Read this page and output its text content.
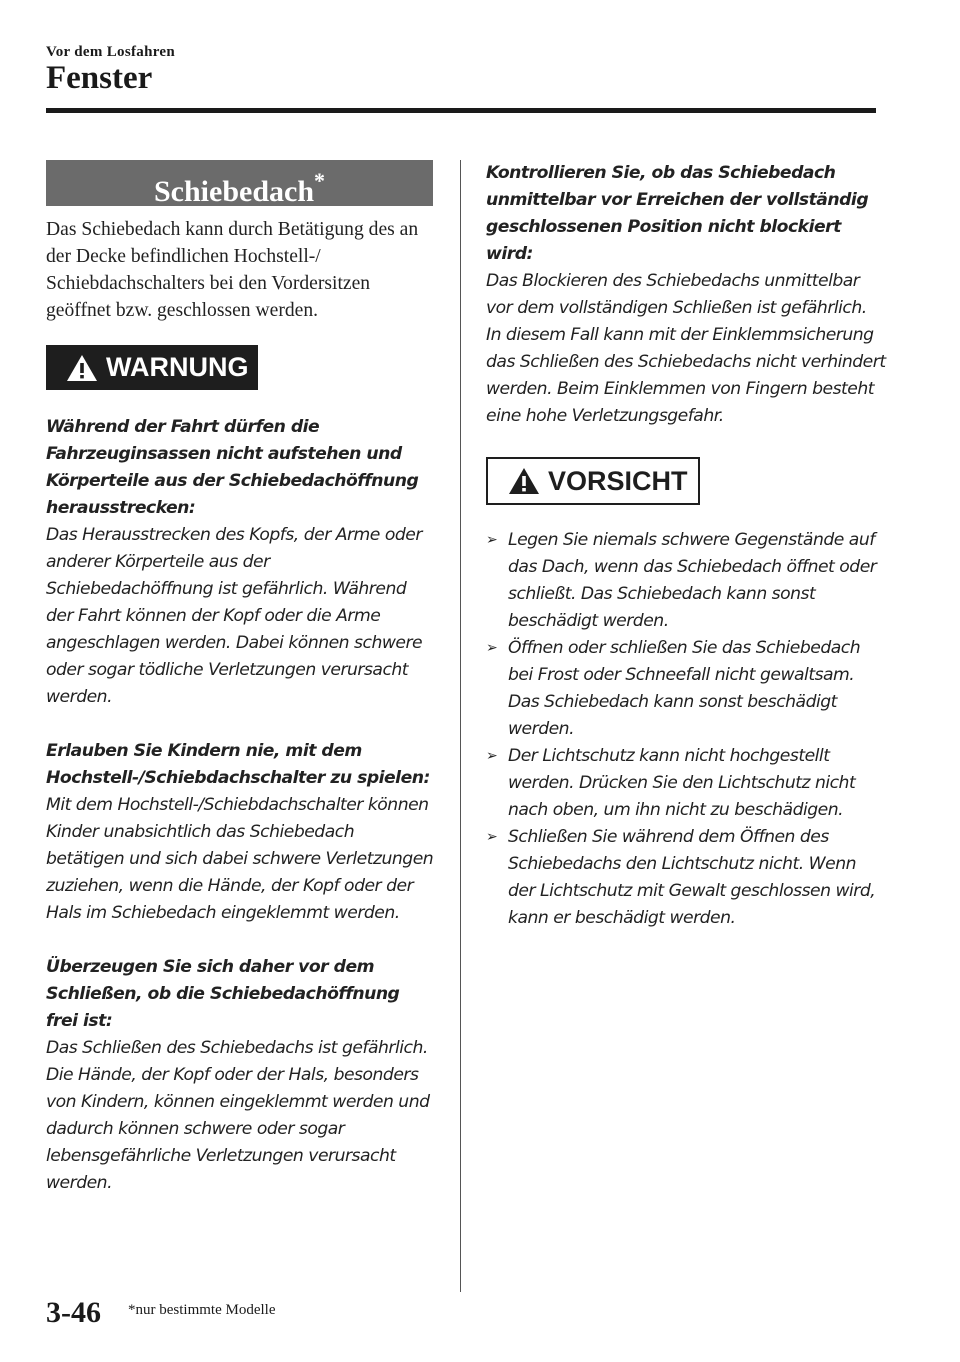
Vor dem Losfahren
Fenster
Schiebedach*
Das Schiebedach kann durch Betätigung des an der Decke befindlichen Hochstell-/ Schiebdachschalters bei den Vordersitzen geöffnet bzw. geschlossen werden.
WARNUNG
Während der Fahrt dürfen die Fahrzeuginsassen nicht aufstehen und Körperteile aus der Schiebedachöffnung herausstrecken:
Das Herausstrecken des Kopfs, der Arme oder anderer Körperteile aus der Schiebedachöffnung ist gefährlich. Während der Fahrt können der Kopf oder die Arme angeschlagen werden. Dabei können schwere oder sogar tödliche Verletzungen verursacht werden.
Erlauben Sie Kindern nie, mit dem Hochstell-/Schiebdachschalter zu spielen:
Mit dem Hochstell-/Schiebdachschalter können Kinder unabsichtlich das Schiebedach betätigen und sich dabei schwere Verletzungen zuziehen, wenn die Hände, der Kopf oder der Hals im Schiebedach eingeklemmt werden.
Überzeugen Sie sich daher vor dem Schließen, ob die Schiebedachöffnung frei ist:
Das Schließen des Schiebedachs ist gefährlich. Die Hände, der Kopf oder der Hals, besonders von Kindern, können eingeklemmt werden und dadurch können schwere oder sogar lebensgefährliche Verletzungen verursacht werden.
Kontrollieren Sie, ob das Schiebedach unmittelbar vor Erreichen der vollständig geschlossenen Position nicht blockiert wird:
Das Blockieren des Schiebedachs unmittelbar vor dem vollständigen Schließen ist gefährlich. In diesem Fall kann mit der Einklemmsicherung das Schließen des Schiebedachs nicht verhindert werden. Beim Einklemmen von Fingern besteht eine hohe Verletzungsgefahr.
VORSICHT
➢ Legen Sie niemals schwere Gegenstände auf das Dach, wenn das Schiebedach öffnet oder schließt. Das Schiebedach kann sonst beschädigt werden.
➢ Öffnen oder schließen Sie das Schiebedach bei Frost oder Schneefall nicht gewaltsam. Das Schiebedach kann sonst beschädigt werden.
➢ Der Lichtschutz kann nicht hochgestellt werden. Drücken Sie den Lichtschutz nicht nach oben, um ihn nicht zu beschädigen.
➢ Schließen Sie während dem Öffnen des Schiebedachs den Lichtschutz nicht. Wenn der Lichtschutz mit Gewalt geschlossen wird, kann er beschädigt werden.
3-46 *nur bestimmte Modelle
